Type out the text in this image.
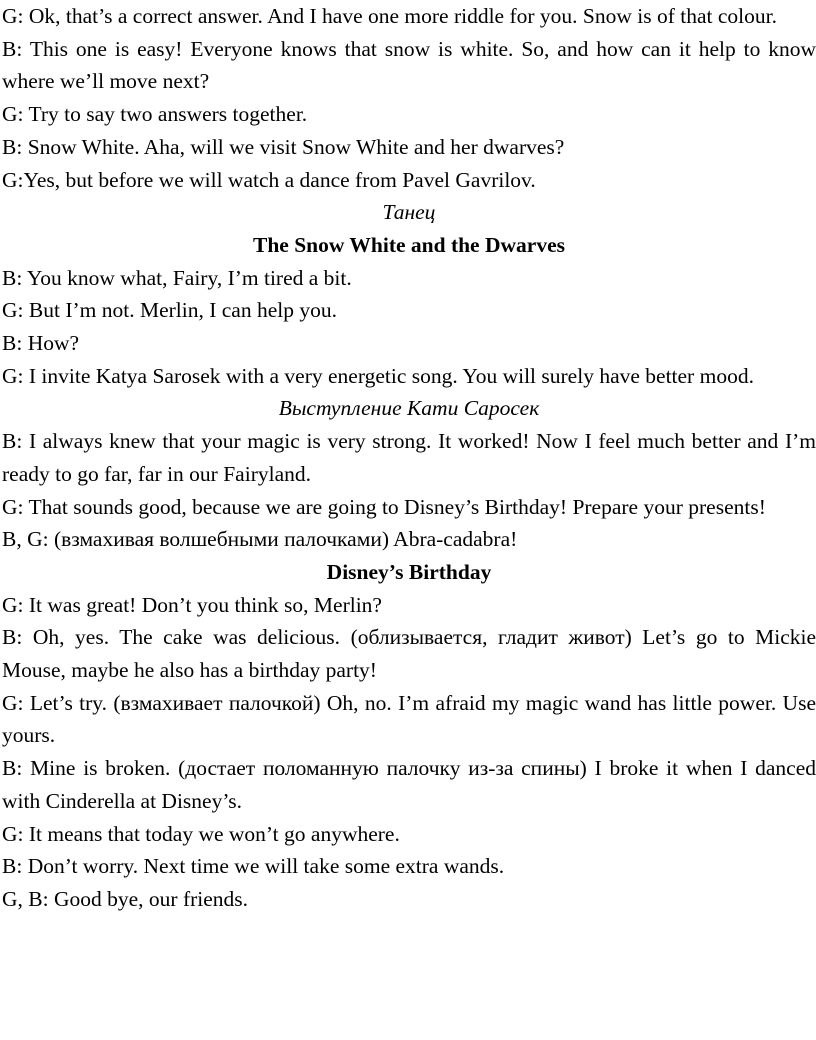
G: Ok, that’s a correct answer. And I have one more riddle for you. Snow is of that colour.

B: This one is easy! Everyone knows that snow is white. So, and how can it help to know where we’ll move next?

G: Try to say two answers together.

B: Snow White. Aha, will we visit Snow White and her dwarves?

G:Yes, but before we will watch a dance from Pavel Gavrilov.

Танец

The Snow White and the Dwarves

B: You know what, Fairy, I’m tired a bit.

G: But I’m not. Merlin, I can help you.

B: How?

G: I invite Katya Sarosek with a very energetic song. You will surely have better mood.

Выступление Кати Саросек

B: I always knew that your magic is very strong. It worked! Now I feel much better and I’m ready to go far, far in our Fairyland.

G: That sounds good, because we are going to Disney’s Birthday! Prepare your presents!

B, G: (взмахивая волшебными палочками) Abra-cadabra!

Disney’s Birthday

G: It was great! Don’t you think so, Merlin?

B: Oh, yes. The cake was delicious. (облизывается, гладит живот) Let’s go to Mickie Mouse, maybe he also has a birthday party!

G: Let’s try. (взмахивает палочкой) Oh, no. I’m afraid my magic wand has little power. Use yours.

B: Mine is broken. (достает поломанную палочку из-за спины) I broke it when I danced with Cinderella at Disney’s.

G: It means that today we won’t go anywhere.

B: Don’t worry. Next time we will take some extra wands.

G, B: Good bye, our friends.
